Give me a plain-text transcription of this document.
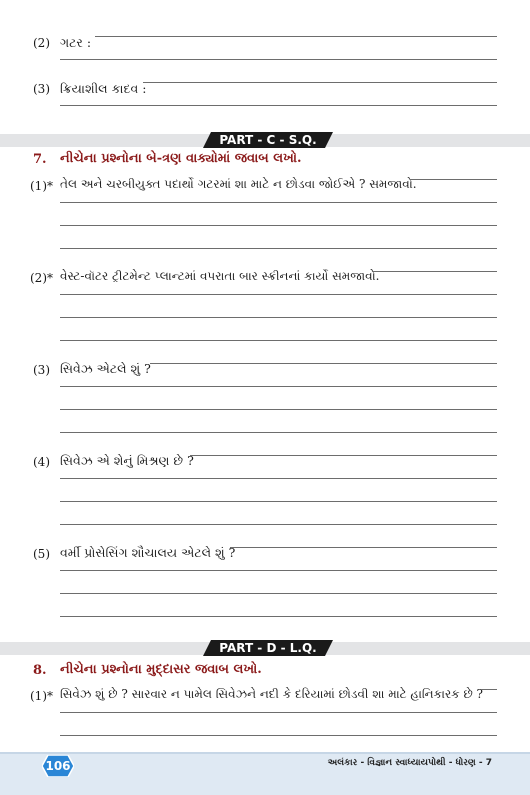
(2) ગટર :
(3) ક્રિયાશીલ કાદવ :
PART - C - S.Q.
7. નીચેના પ્રશ્નોના બે-ત્રણ વાક્યોમાં જવાબ લખો.
(1)* તેલ અને ચરબીયુક્ત પદાર્થો ગટરમાં શા માટે ન છોડવા જોઈએ ? સમજાવો.
(2)* વેસ્ટ-વૉટર ટ્રીટમેન્ટ પ્લાન્ટમાં વપરાતા બાર સ્ક્રીનનાં કાર્યો સમજાવો.
(3) સિવેઝ એટલે શું ?
(4) સિવેઝ એ શેનું મિશ્રણ છે ?
(5) વર્મી પ્રોસેસિંગ શૌચાલય એટલે શું ?
PART - D - L.Q.
8. નીચેના પ્રશ્નોના મુદ્દાસર જવાબ લખો.
(1)* સિવેઝ શું છે ? સારવાર ન પામેલ સિવેઝને નદી કે દરિયામાં છોડવી શા માટે હાનિકારક છે ?
106	અલંકાર - વિજ્ઞાન સ્વાધ્યાયપોથી - ધોરણ - 7
